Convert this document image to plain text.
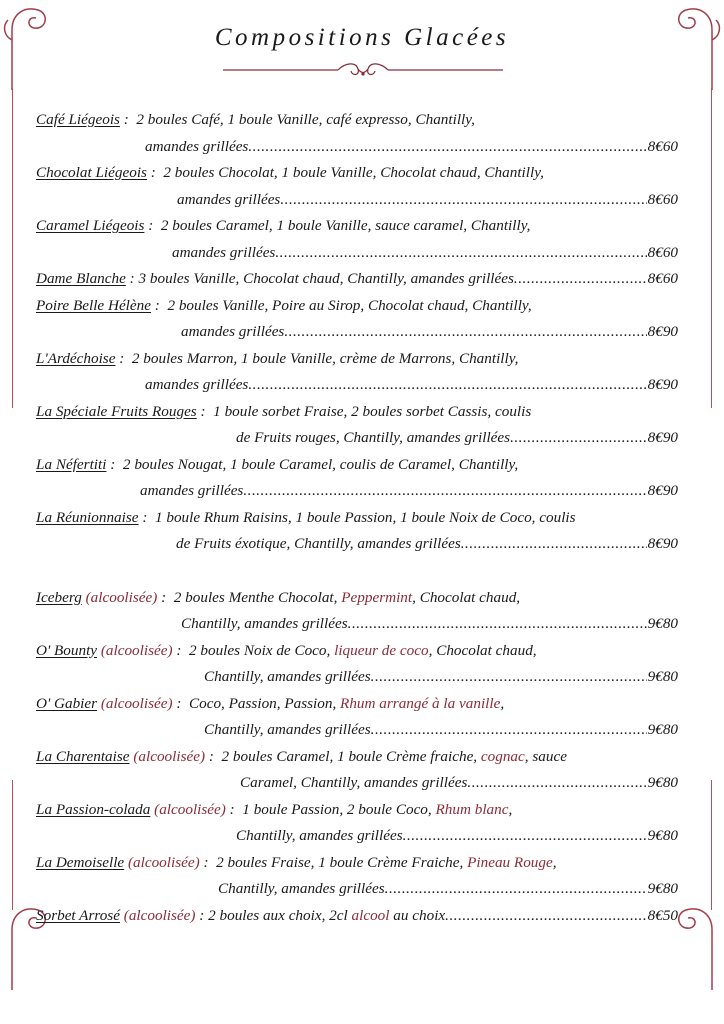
Compositions Glacées
Café Liégeois :  2 boules Café, 1 boule Vanille, café expresso, Chantilly,
amandes grillées .....	8€60
Chocolat Liégeois :  2 boules Chocolat, 1 boule Vanille, Chocolat chaud, Chantilly,
amandes grillées .....	8€60
Caramel Liégeois :  2 boules Caramel, 1 boule Vanille, sauce caramel, Chantilly,
amandes grillées .....	8€60
Dame Blanche : 3 boules Vanille, Chocolat chaud, Chantilly, amandes grillées .....	8€60
Poire Belle Hélène :  2 boules Vanille, Poire au Sirop, Chocolat chaud, Chantilly,
amandes grillées .....	8€90
L'Ardéchoise :  2 boules Marron, 1 boule Vanille, crème de Marrons, Chantilly,
amandes grillées .....	8€90
La Spéciale Fruits Rouges :  1 boule sorbet Fraise, 2 boules sorbet Cassis, coulis
de Fruits rouges, Chantilly, amandes grillées .....	8€90
La Néfertiti :  2 boules Nougat, 1 boule Caramel, coulis de Caramel, Chantilly,
amandes grillées .....	8€90
La Réunionnaise :  1 boule Rhum Raisins, 1 boule Passion, 1 boule Noix de Coco, coulis
de Fruits éxotique, Chantilly, amandes grillées .....	8€90
Iceberg (alcoolisée) :  2 boules Menthe Chocolat, Peppermint, Chocolat chaud,
Chantilly, amandes grillées .....	9€80
O' Bounty (alcoolisée) :  2 boules Noix de Coco, liqueur de coco, Chocolat chaud,
Chantilly, amandes grillées .....	9€80
O' Gabier (alcoolisée) :  Coco, Passion, Passion, Rhum arrangé à la vanille,
Chantilly, amandes grillées .....	9€80
La Charentaise (alcoolisée) :  2 boules Caramel, 1 boule Crème fraiche, cognac, sauce
Caramel, Chantilly, amandes grillées .....	9€80
La Passion-colada (alcoolisée) :  1 boule Passion, 2 boule Coco, Rhum blanc,
Chantilly, amandes grillées .....	9€80
La Demoiselle (alcoolisée) :  2 boules Fraise, 1 boule Crème Fraiche, Pineau Rouge,
Chantilly, amandes grillées .....	9€80
Sorbet Arrosé (alcoolisée) : 2 boules aux choix, 2cl alcool au choix .....	8€50
